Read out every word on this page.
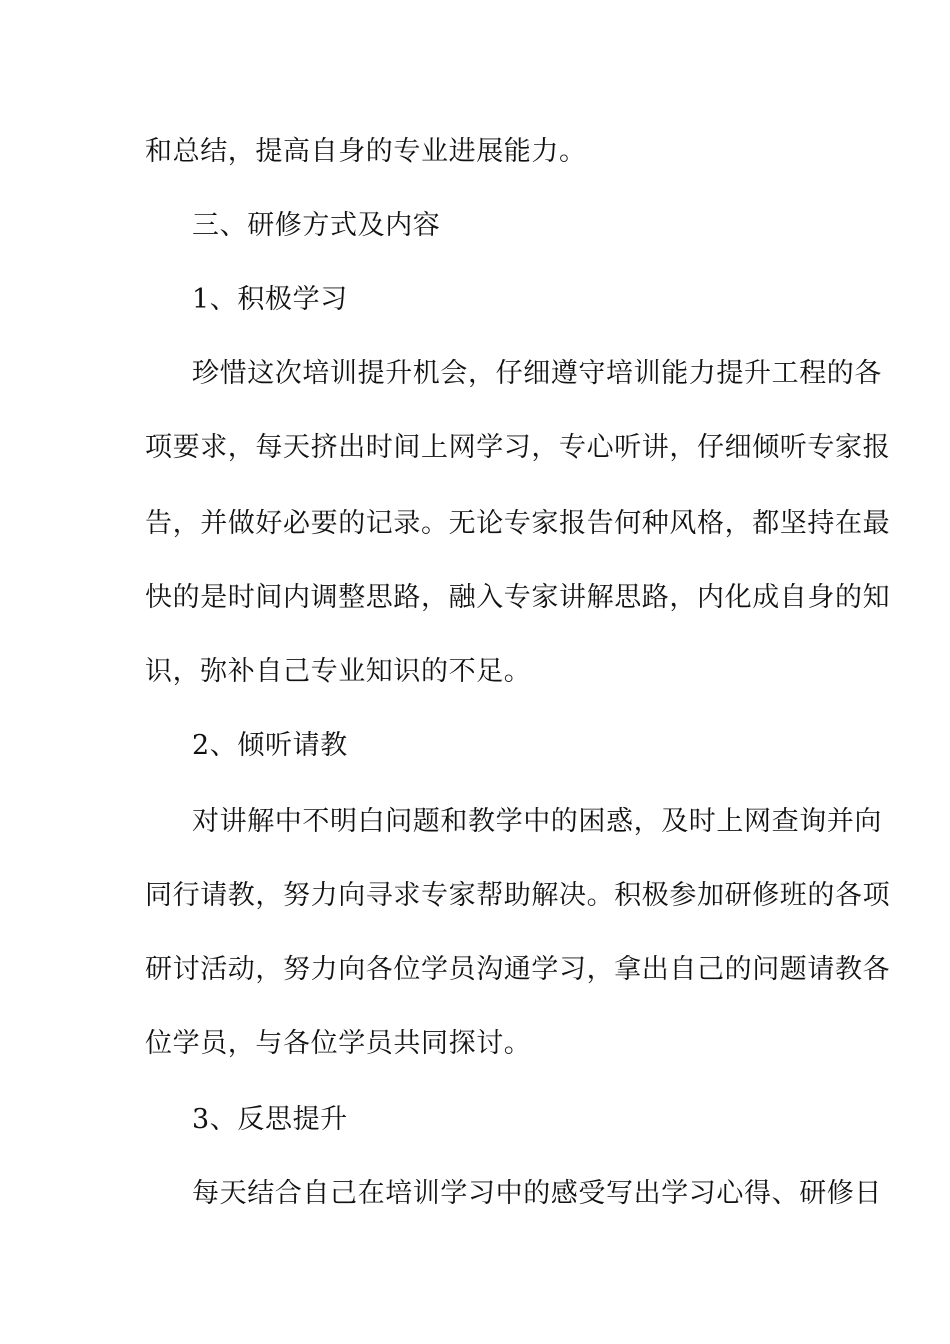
和总结，提高自身的专业进展能力。
三、研修方式及内容
1、积极学习
珍惜这次培训提升机会，仔细遵守培训能力提升工程的各
项要求，每天挤出时间上网学习，专心听讲，仔细倾听专家报
告，并做好必要的记录。无论专家报告何种风格，都坚持在最
快的是时间内调整思路，融入专家讲解思路，内化成自身的知
识，弥补自己专业知识的不足。
2、倾听请教
对讲解中不明白问题和教学中的困惑，及时上网查询并向
同行请教，努力向寻求专家帮助解决。积极参加研修班的各项
研讨活动，努力向各位学员沟通学习，拿出自己的问题请教各
位学员，与各位学员共同探讨。
3、反思提升
每天结合自己在培训学习中的感受写出学习心得、研修日
